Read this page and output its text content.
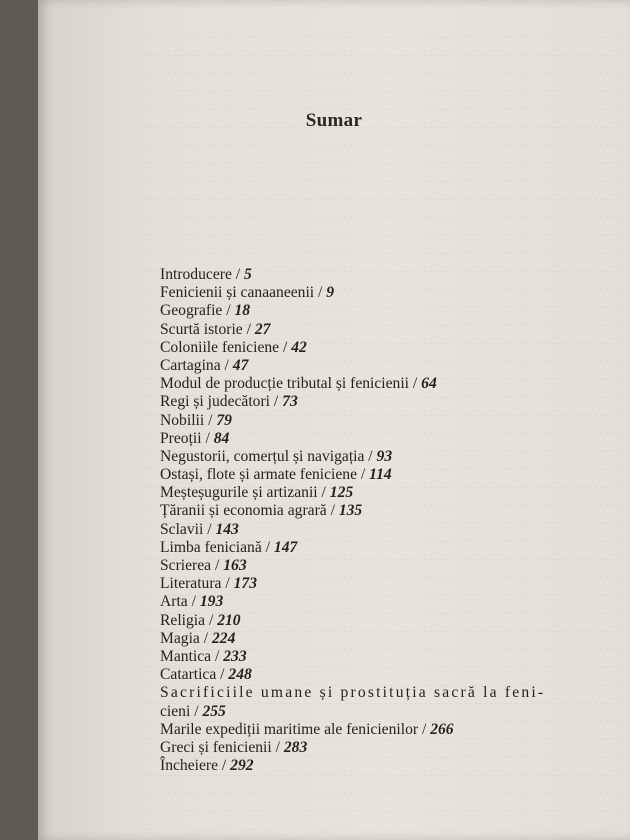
Sumar
Introducere / 5
Fenicienii și canaaneenii / 9
Geografie / 18
Scurtă istorie / 27
Coloniile feniciene / 42
Cartagina / 47
Modul de producție tributal și fenicienii / 64
Regi și judecători / 73
Nobilii / 79
Preoții / 84
Negustorii, comerțul și navigația / 93
Ostași, flote și armate feniciene / 114
Meșteșugurile și artizanii / 125
Țăranii și economia agrară / 135
Sclavii / 143
Limba feniciană / 147
Scrierea / 163
Literatura / 173
Arta / 193
Religia / 210
Magia / 224
Mantica / 233
Catartica / 248
Sacrificiile umane și prostituția sacră la feni-
cieni / 255
Marile expediții maritime ale fenicienilor / 266
Greci și fenicienii / 283
Încheiere / 292
